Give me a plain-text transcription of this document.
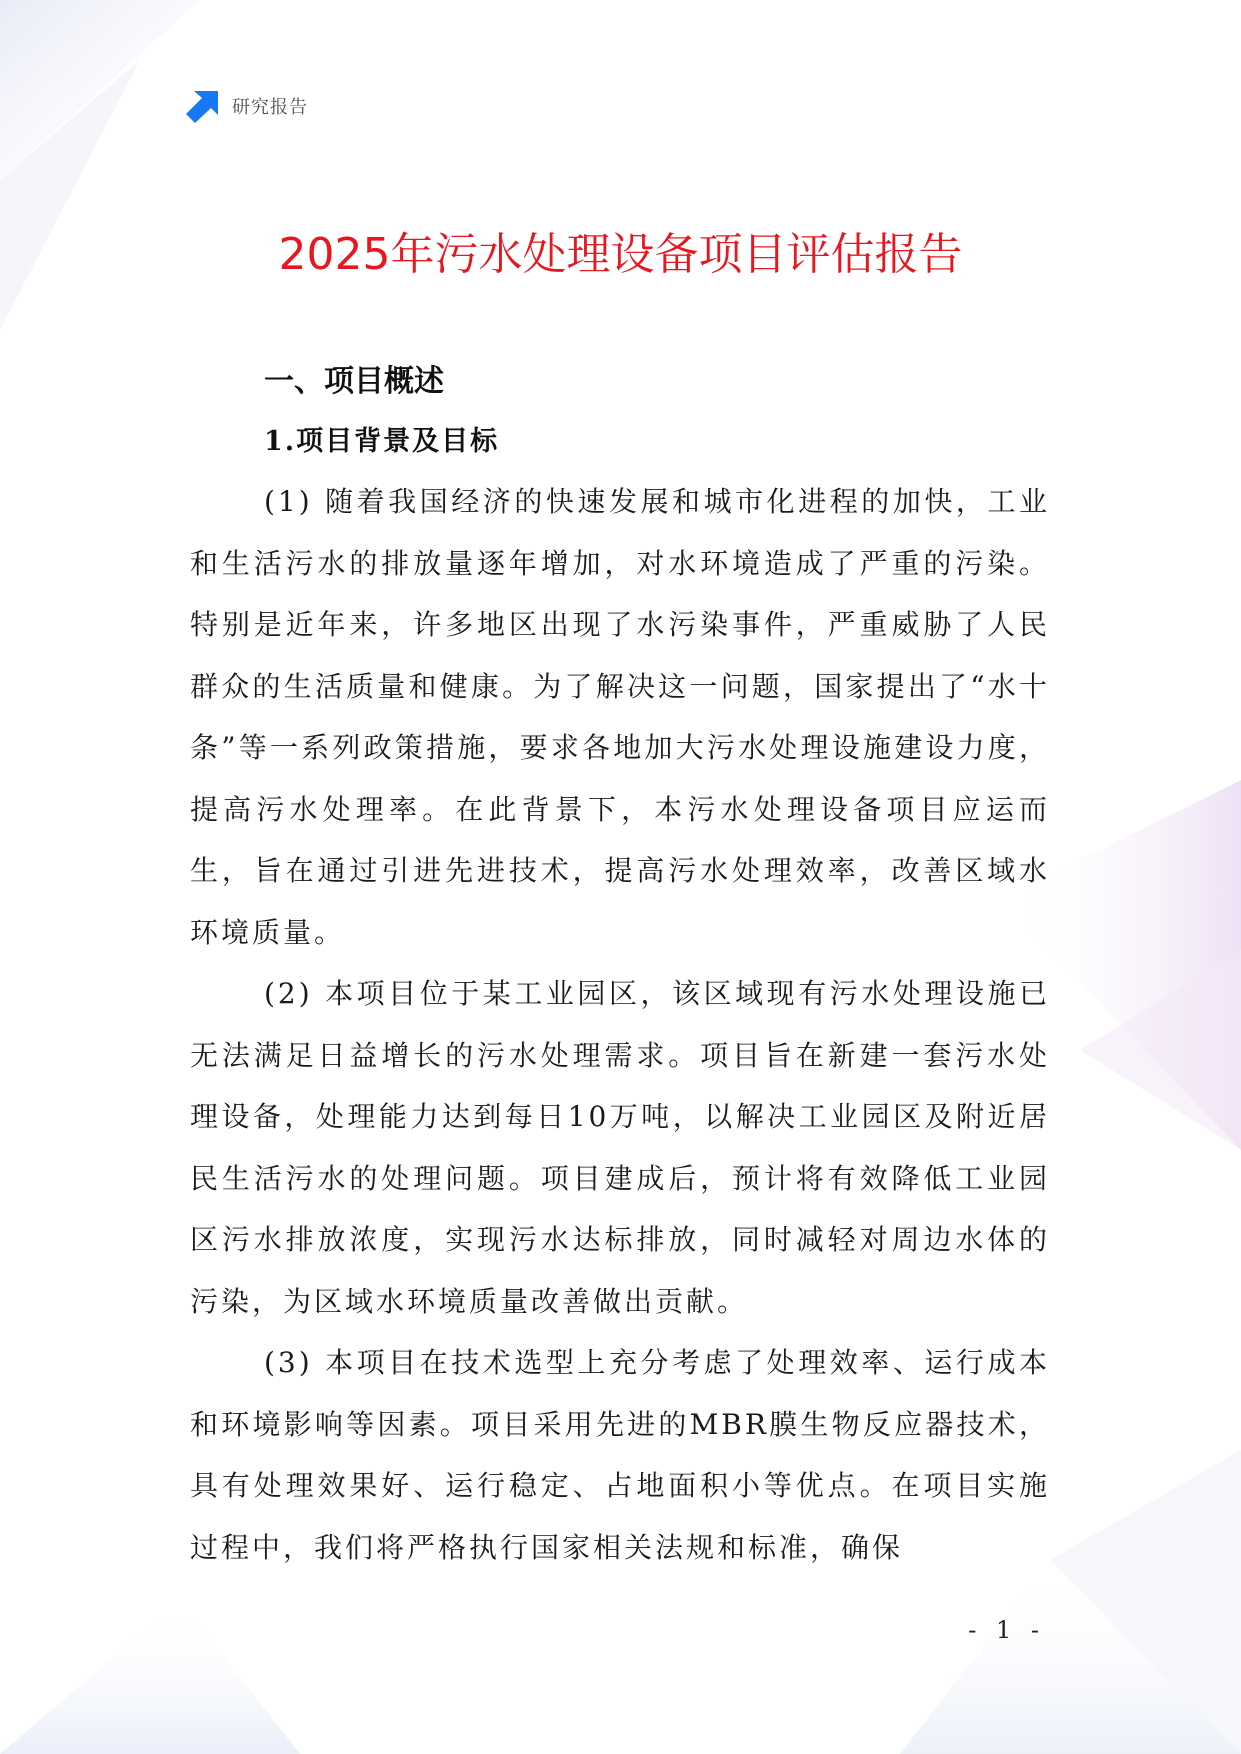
研究报告
2025年污水处理设备项目评估报告
一、项目概述
1.项目背景及目标

(1) 随着我国经济的快速发展和城市化进程的加快，工业和生活污水的排放量逐年增加，对水环境造成了严重的污染。特别是近年来，许多地区出现了水污染事件，严重威胁了人民群众的生活质量和健康。为了解决这一问题，国家提出了“水十条”等一系列政策措施，要求各地加大污水处理设施建设力度，提高污水处理率。在此背景下，本污水处理设备项目应运而生，旨在通过引进先进技术，提高污水处理效率，改善区域水环境质量。

(2) 本项目位于某工业园区，该区域现有污水处理设施已无法满足日益增长的污水处理需求。项目旨在新建一套污水处理设备，处理能力达到每日10万吨，以解决工业园区及附近居民生活污水的处理问题。项目建成后，预计将有效降低工业园区污水排放浓度，实现污水达标排放，同时减轻对周边水体的污染，为区域水环境质量改善做出贡献。

(3) 本项目在技术选型上充分考虑了处理效率、运行成本和环境影响等因素。项目采用先进的MBR膜生物反应器技术，具有处理效果好、运行稳定、占地面积小等优点。在项目实施过程中，我们将严格执行国家相关法规和标准，确保

- 1 -
